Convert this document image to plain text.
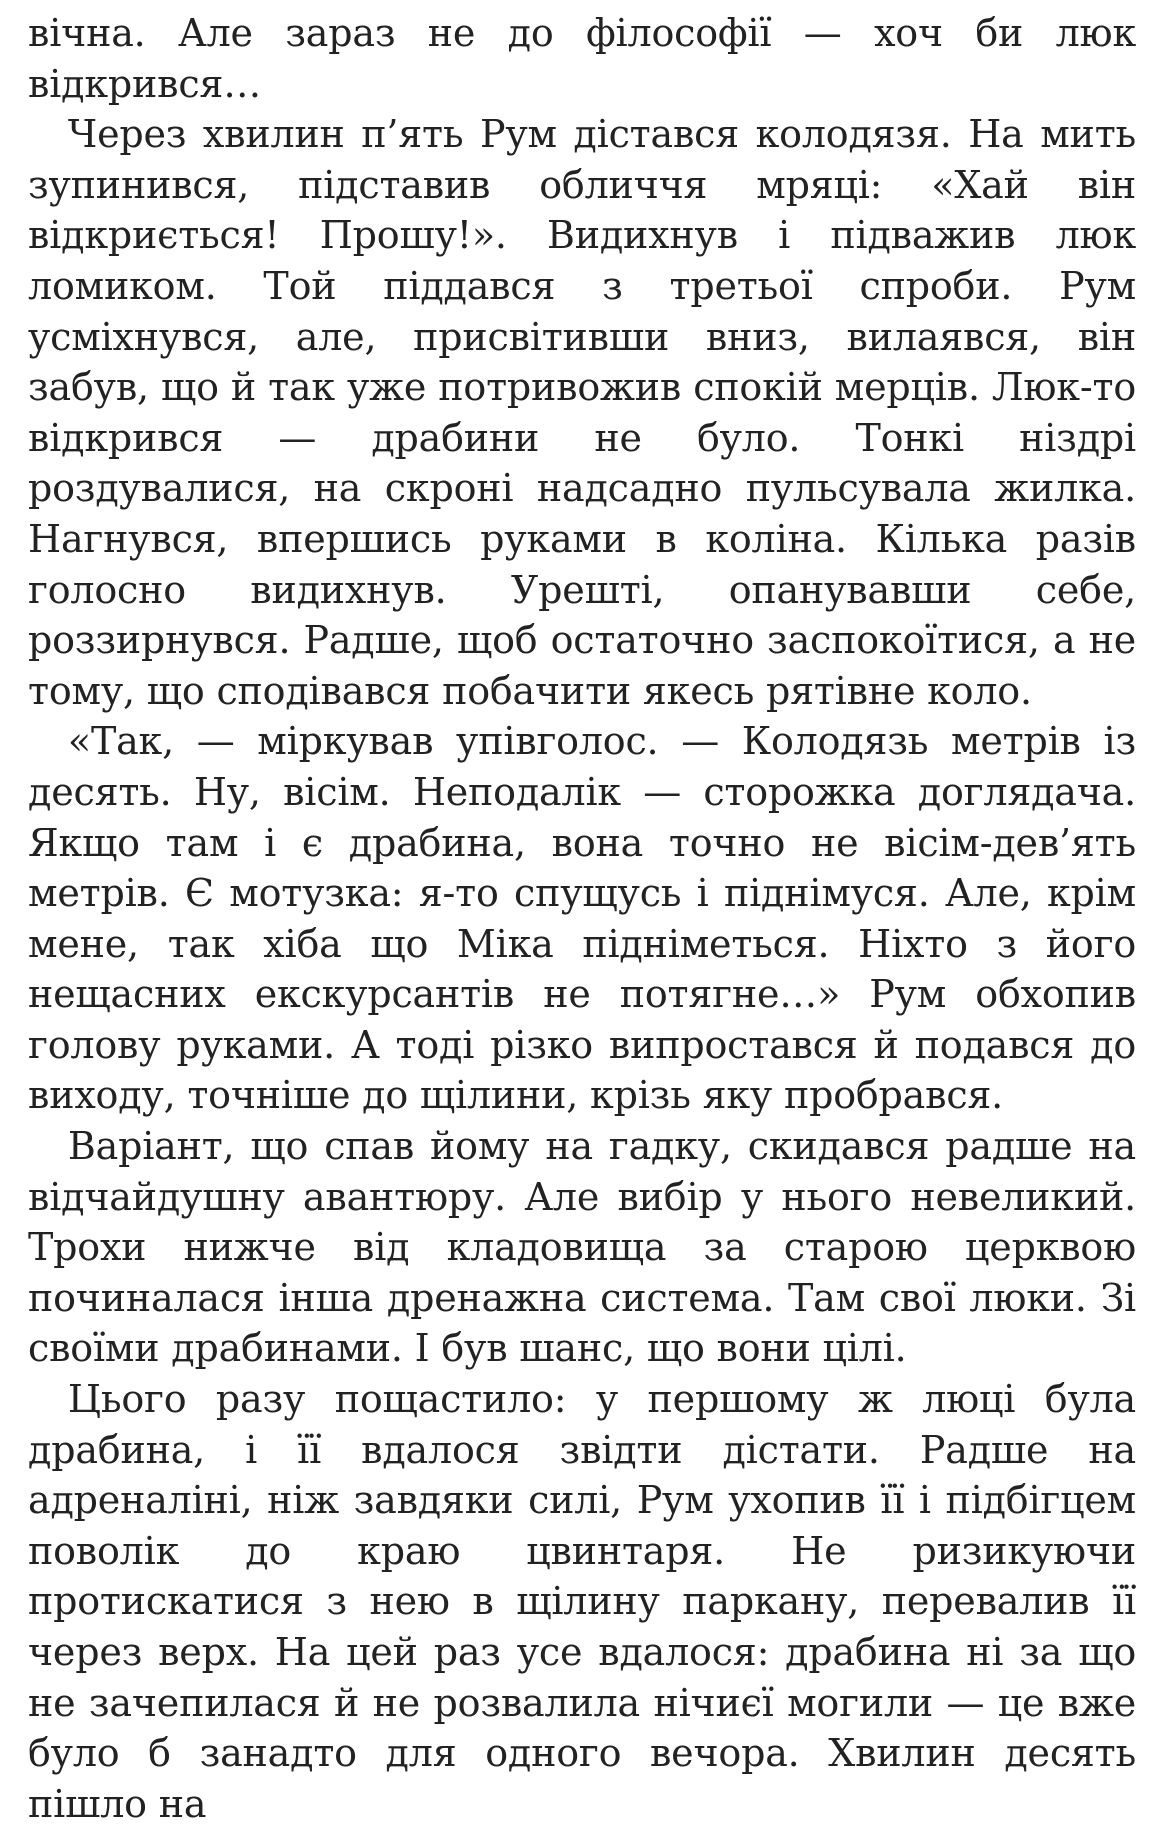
вічна. Але зараз не до філософії — хоч би люк відкрився…

Через хвилин п’ять Рум дістався колодязя. На мить зупинився, підставив обличчя мряці: «Хай він відкриється! Прошу!». Видихнув і підважив люк ломиком. Той піддався з третьої спроби. Рум усміхнувся, але, присвітивши вниз, вилаявся, він забув, що й так уже потривожив спокій мерців. Люк-то відкрився — драбини не було. Тонкі ніздрі роздувалися, на скроні надсадно пульсувала жилка. Нагнувся, впершись руками в коліна. Кілька разів голосно видихнув. Урешті, опанувавши себе, роззирнувся. Радше, щоб остаточно заспокоїтися, а не тому, що сподівався побачити якесь рятівне коло.

«Так, — міркував упівголос. — Колодязь метрів із десять. Ну, вісім. Неподалік — сторожка доглядача. Якщо там і є драбина, вона точно не вісім-дев’ять метрів. Є мотузка: я-то спущусь і піднімуся. Але, крім мене, так хіба що Міка підніметься. Ніхто з його нещасних екскурсантів не потягне…» Рум обхопив голову руками. А тоді різко випростався й подався до виходу, точніше до щілини, крізь яку пробрався.

Варіант, що спав йому на гадку, скидався радше на відчайдушну авантюру. Але вибір у нього невеликий. Трохи нижче від кладовища за старою церквою починалася інша дренажна система. Там свої люки. Зі своїми драбинами. І був шанс, що вони цілі.

Цього разу пощастило: у першому ж люці була драбина, і її вдалося звідти дістати. Радше на адреналіні, ніж завдяки силі, Рум ухопив її і підбігцем поволік до краю цвинтаря. Не ризикуючи протискатися з нею в щілину паркану, перевалив її через верх. На цей раз усе вдалося: драбина ні за що не зачепилася й не розвалила нічиєї могили — це вже було б занадто для одного вечора. Хвилин десять пішло на
